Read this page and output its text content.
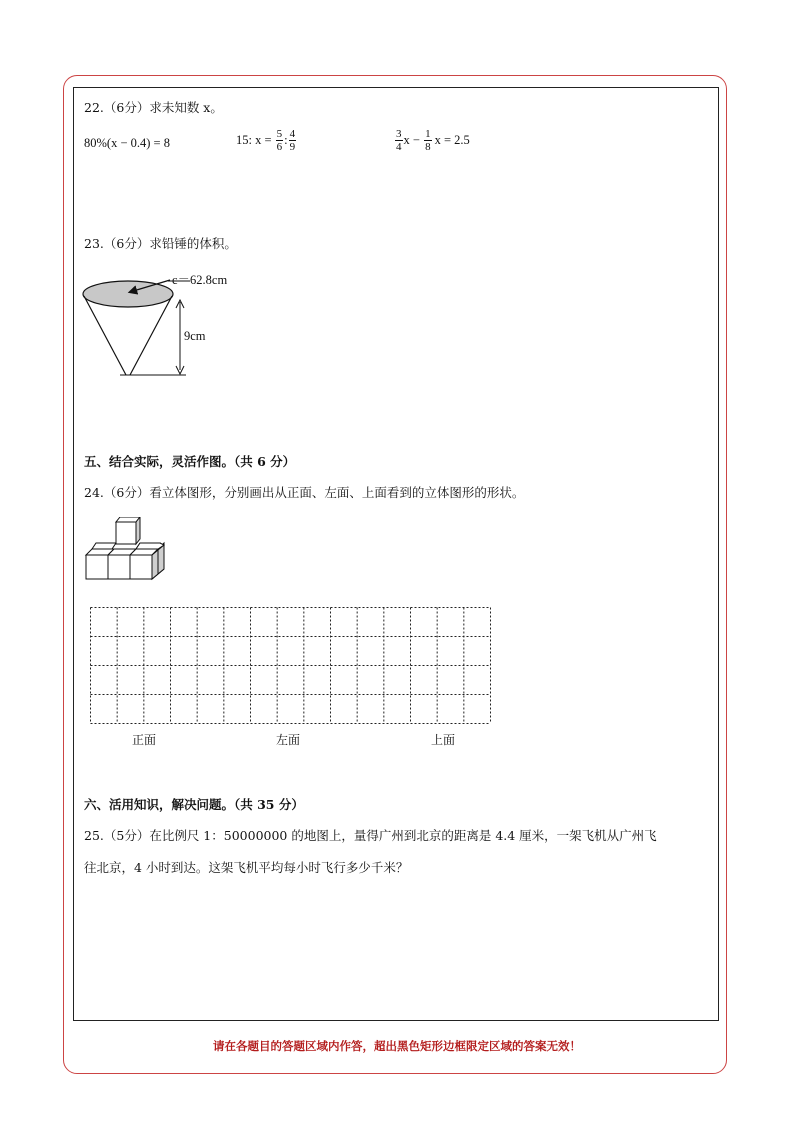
22.（6分）求未知数 x。
80%(x − 0.4) = 8	15: $x = \frac{5}{6}$ : $\frac{4}{9}$	$\frac{3}{4}$ $x - \frac{1}{8}$ x = 2.5
23.（6分）求铅锤的体积。
c＝62.8cm
9cm
五、结合实际，灵活作图。（共 6 分）
24.（6分）看立体图形，分别画出从正面、左面、上面看到的立体图形的形状。
正面	左面	上面
六、活用知识，解决问题。（共 35 分）
25.（5分）在比例尺 1：50000000 的地图上，量得广州到北京的距离是 4.4 厘米，一架飞机从广州飞
往北京，4 小时到达。这架飞机平均每小时飞行多少千米？
请在各题目的答题区域内作答，超出黑色矩形边框限定区域的答案无效！
